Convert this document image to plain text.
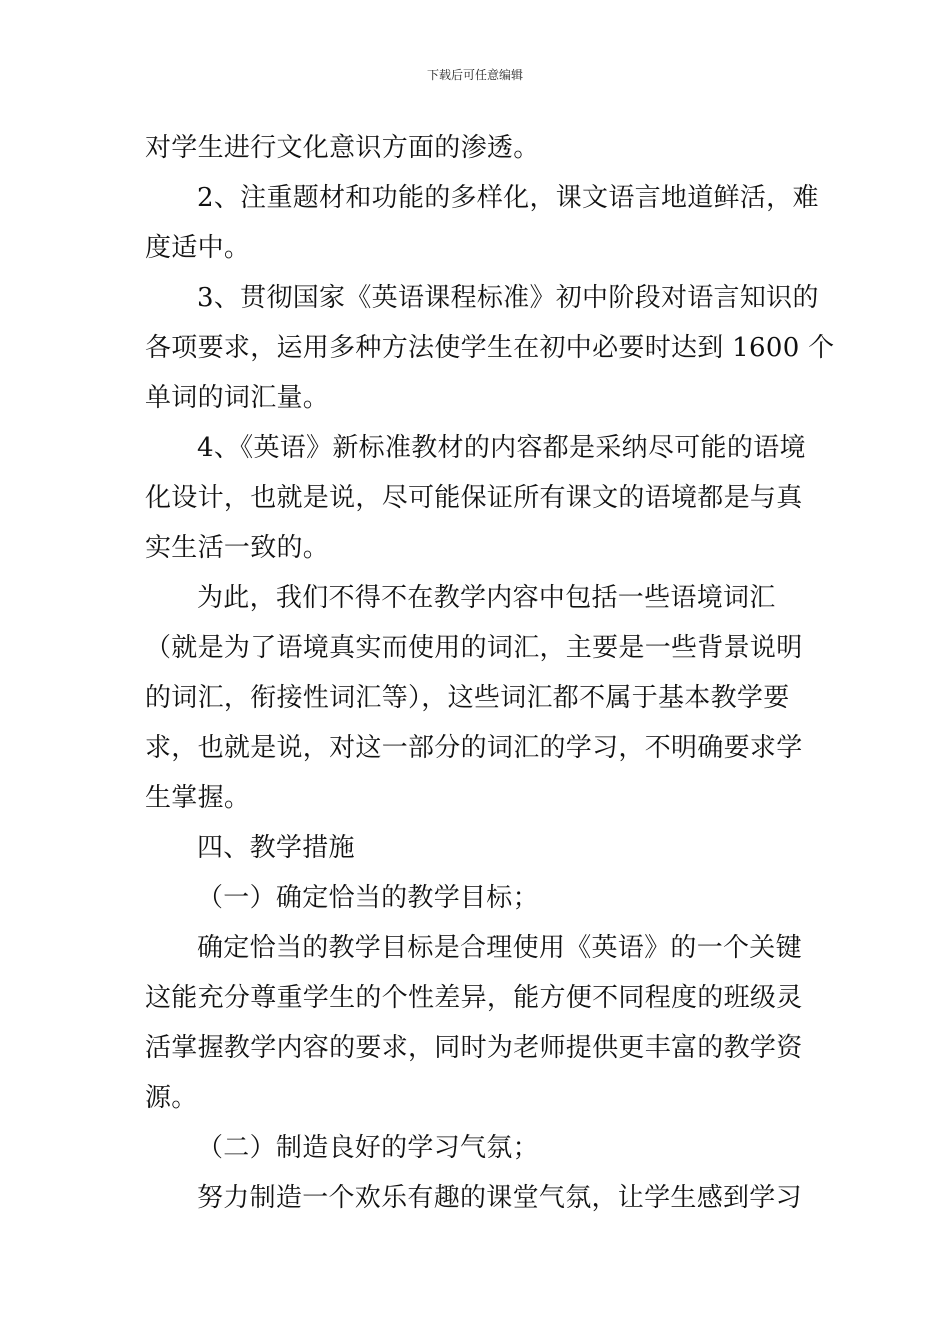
下载后可任意编辑
对学生进行文化意识方面的渗透。
2、注重题材和功能的多样化，课文语言地道鲜活，难
度适中。
3、贯彻国家《英语课程标准》初中阶段对语言知识的
各项要求，运用多种方法使学生在初中必要时达到 1600 个
单词的词汇量。
4、《英语》新标准教材的内容都是采纳尽可能的语境
化设计，也就是说，尽可能保证所有课文的语境都是与真
实生活一致的。
为此，我们不得不在教学内容中包括一些语境词汇
（就是为了语境真实而使用的词汇，主要是一些背景说明
的词汇，衔接性词汇等），这些词汇都不属于基本教学要
求，也就是说，对这一部分的词汇的学习，不明确要求学
生掌握。
四、教学措施
（一）确定恰当的教学目标；
确定恰当的教学目标是合理使用《英语》的一个关键
这能充分尊重学生的个性差异，能方便不同程度的班级灵
活掌握教学内容的要求，同时为老师提供更丰富的教学资
源。
（二）制造良好的学习气氛；
努力制造一个欢乐有趣的课堂气氛，让学生感到学习
